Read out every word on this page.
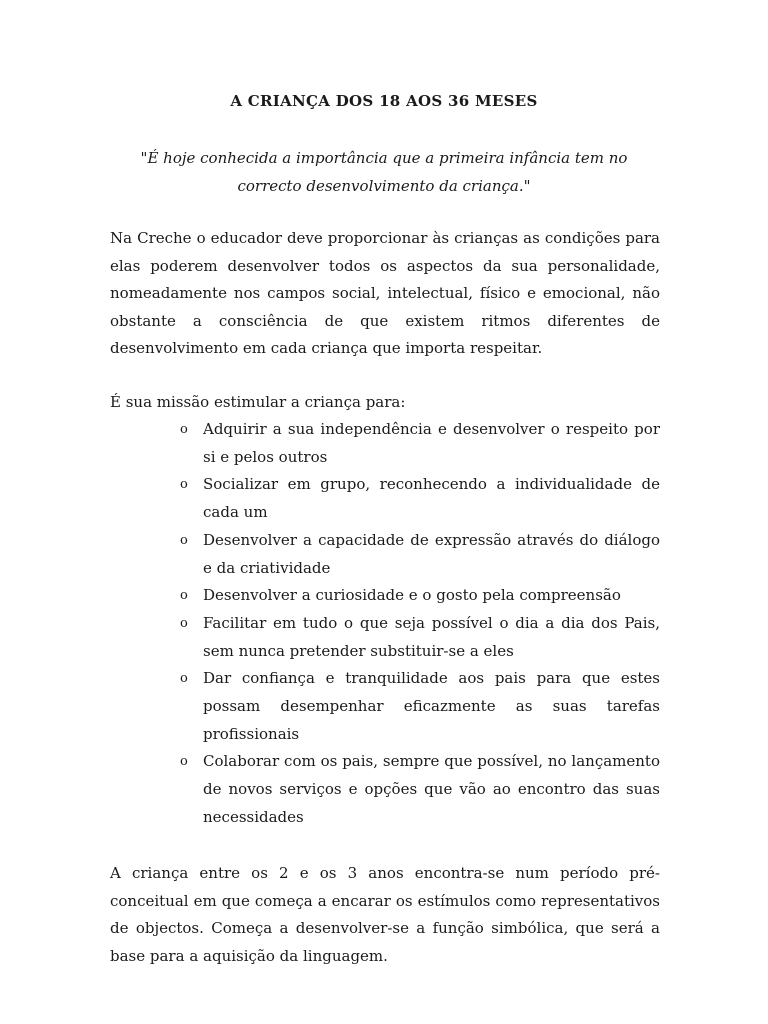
A CRIANÇA DOS 18 AOS 36 MESES
"É hoje conhecida a importância que a primeira infância tem no correcto desenvolvimento da criança."
Na Creche o educador deve proporcionar às crianças as condições para elas poderem desenvolver todos os aspectos da sua personalidade, nomeadamente nos campos social, intelectual, físico e emocional, não obstante a consciência de que existem ritmos diferentes de desenvolvimento em cada criança que importa respeitar.
É sua missão estimular a criança para:
o Adquirir a sua independência e desenvolver o respeito por si e pelos outros
o Socializar em grupo, reconhecendo a individualidade de cada um
o Desenvolver a capacidade de expressão através do diálogo e da criatividade
o Desenvolver a curiosidade e o gosto pela compreensão
o Facilitar em tudo o que seja possível o dia a dia dos Pais, sem nunca pretender substituir-se a eles
o Dar confiança e tranquilidade aos pais para que estes possam desempenhar eficazmente as suas tarefas profissionais
o Colaborar com os pais, sempre que possível, no lançamento de novos serviços e opções que vão ao encontro das suas necessidades
A criança entre os 2 e os 3 anos encontra-se num período pré-conceitual em que começa a encarar os estímulos como representativos de objectos. Começa a desenvolver-se a função simbólica, que será a base para a aquisição da linguagem.
